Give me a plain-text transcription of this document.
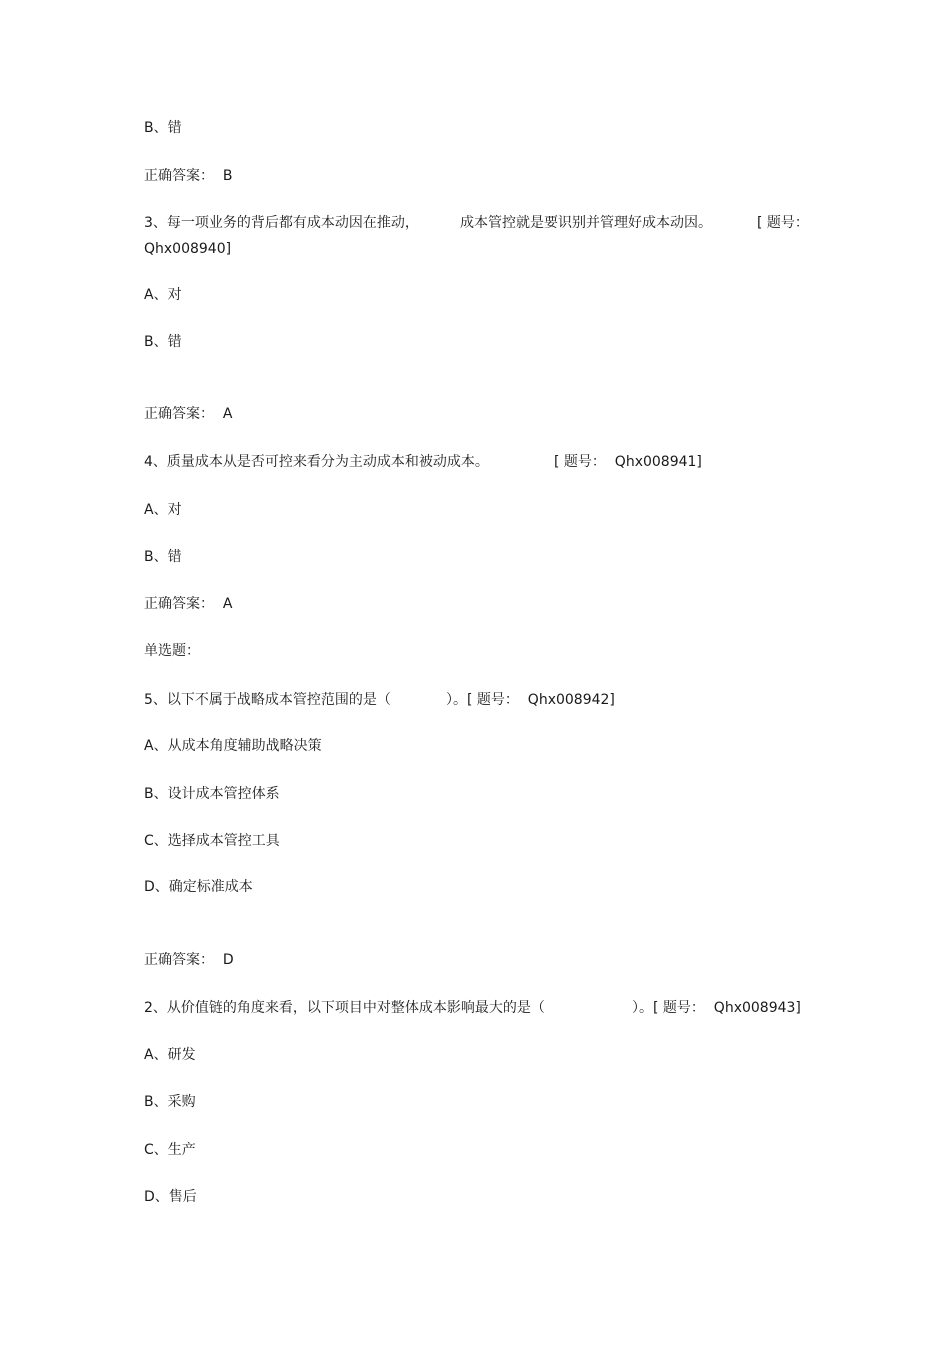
B、错
正确答案：  B
3、每一项业务的背后都有成本动因在推动，	成本管控就是要识别并管理好成本动因。	[ 题号：
Qhx008940]
A、对
B、错
正确答案：  A
4、质量成本从是否可控来看分为主动成本和被动成本。	[ 题号：  Qhx008941]
A、对
B、错
正确答案：  A
单选题：
5、以下不属于战略成本管控范围的是（	）。[ 题号：  Qhx008942]
A、从成本角度辅助战略决策
B、设计成本管控体系
C、选择成本管控工具
D、确定标准成本
正确答案：  D
2、从价值链的角度来看，以下项目中对整体成本影响最大的是（	）。[ 题号：  Qhx008943]
A、研发
B、采购
C、生产
D、售后
